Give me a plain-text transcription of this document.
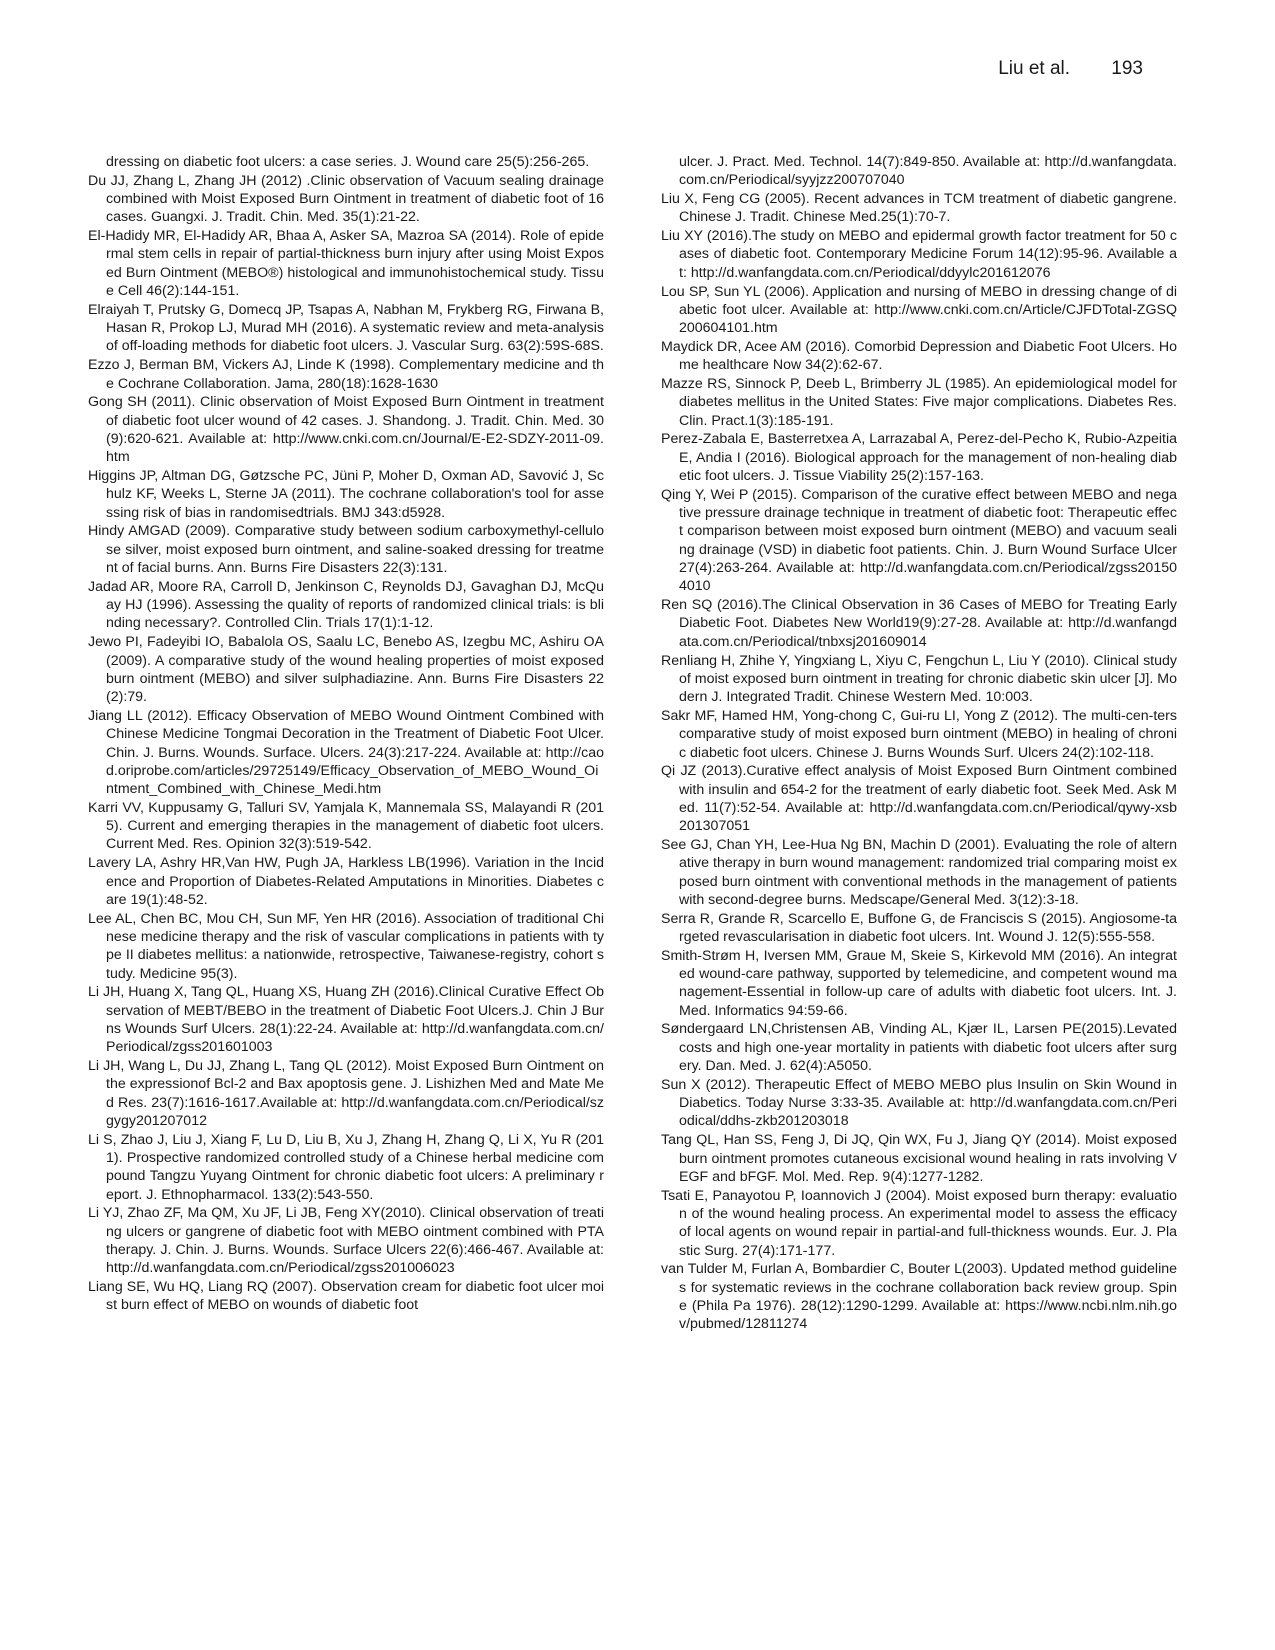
Liu et al. 193

dressing on diabetic foot ulcers: a case series. J. Wound care 25(5):256-265.

Du JJ, Zhang L, Zhang JH (2012) .Clinic observation of Vacuum sealing drainage combined with Moist Exposed Burn Ointment in treatment of diabetic foot of 16 cases. Guangxi. J. Tradit. Chin. Med. 35(1):21-22.

El-Hadidy MR, El-Hadidy AR, Bhaa A, Asker SA, Mazroa SA (2014). Role of epidermal stem cells in repair of partial-thickness burn injury after using Moist Exposed Burn Ointment (MEBO®) histological and immunohistochemical study. Tissue Cell 46(2):144-151.

Elraiyah T, Prutsky G, Domecq JP, Tsapas A, Nabhan M, Frykberg RG, Firwana B, Hasan R, Prokop LJ, Murad MH (2016). A systematic review and meta-analysis of off-loading methods for diabetic foot ulcers. J. Vascular Surg. 63(2):59S-68S.

Ezzo J, Berman BM, Vickers AJ, Linde K (1998). Complementary medicine and the Cochrane Collaboration. Jama, 280(18):1628-1630

Gong SH (2011). Clinic observation of Moist Exposed Burn Ointment in treatment of diabetic foot ulcer wound of 42 cases. J. Shandong. J. Tradit. Chin. Med. 30(9):620-621. Available at: http://www.cnki.com.cn/Journal/E-E2-SDZY-2011-09.htm

Higgins JP, Altman DG, Gøtzsche PC, Jüni P, Moher D, Oxman AD, Savović J, Schulz KF, Weeks L, Sterne JA (2011). The cochrane collaboration's tool for assessing risk of bias in randomisedtrials. BMJ 343:d5928.

Hindy AMGAD (2009). Comparative study between sodium carboxymethyl-cellulose silver, moist exposed burn ointment, and saline-soaked dressing for treatment of facial burns. Ann. Burns Fire Disasters 22(3):131.

Jadad AR, Moore RA, Carroll D, Jenkinson C, Reynolds DJ, Gavaghan DJ, McQuay HJ (1996). Assessing the quality of reports of randomized clinical trials: is blinding necessary?. Controlled Clin. Trials 17(1):1-12.

Jewo PI, Fadeyibi IO, Babalola OS, Saalu LC, Benebo AS, Izegbu MC, Ashiru OA (2009). A comparative study of the wound healing properties of moist exposed burn ointment (MEBO) and silver sulphadiazine. Ann. Burns Fire Disasters 22(2):79.

Jiang LL (2012). Efficacy Observation of MEBO Wound Ointment Combined with Chinese Medicine Tongmai Decoration in the Treatment of Diabetic Foot Ulcer. Chin. J. Burns. Wounds. Surface. Ulcers. 24(3):217-224. Available at: http://caod.oriprobe.com/articles/29725149/Efficacy_Observation_of_MEBO_Wound_Ointment_Combined_with_Chinese_Medi.htm

Karri VV, Kuppusamy G, Talluri SV, Yamjala K, Mannemala SS, Malayandi R (2015). Current and emerging therapies in the management of diabetic foot ulcers. Current Med. Res. Opinion 32(3):519-542.

Lavery LA, Ashry HR,Van HW, Pugh JA, Harkless LB(1996). Variation in the Incidence and Proportion of Diabetes-Related Amputations in Minorities. Diabetes care 19(1):48-52.

Lee AL, Chen BC, Mou CH, Sun MF, Yen HR (2016). Association of traditional Chinese medicine therapy and the risk of vascular complications in patients with type II diabetes mellitus: a nationwide, retrospective, Taiwanese-registry, cohort study. Medicine 95(3).

Li JH, Huang X, Tang QL, Huang XS, Huang ZH (2016).Clinical Curative Effect Observation of MEBT/BEBO in the treatment of Diabetic Foot Ulcers.J. Chin J Burns Wounds Surf Ulcers. 28(1):22-24. Available at: http://d.wanfangdata.com.cn/Periodical/zgss201601003

Li JH, Wang L, Du JJ, Zhang L, Tang QL (2012). Moist Exposed Burn Ointment on the expressionof Bcl-2 and Bax apoptosis gene. J. Lishizhen Med and Mate Med Res. 23(7):1616-1617.Available at: http://d.wanfangdata.com.cn/Periodical/szgygy201207012

Li S, Zhao J, Liu J, Xiang F, Lu D, Liu B, Xu J, Zhang H, Zhang Q, Li X, Yu R (2011). Prospective randomized controlled study of a Chinese herbal medicine compound Tangzu Yuyang Ointment for chronic diabetic foot ulcers: A preliminary report. J. Ethnopharmacol. 133(2):543-550.

Li YJ, Zhao ZF, Ma QM, Xu JF, Li JB, Feng XY(2010). Clinical observation of treating ulcers or gangrene of diabetic foot with MEBO ointment combined with PTA therapy. J. Chin. J. Burns. Wounds. Surface Ulcers 22(6):466-467. Available at: http://d.wanfangdata.com.cn/Periodical/zgss201006023

Liang SE, Wu HQ, Liang RQ (2007). Observation cream for diabetic foot ulcer moist burn effect of MEBO on wounds of diabetic foot

ulcer. J. Pract. Med. Technol. 14(7):849-850. Available at: http://d.wanfangdata.com.cn/Periodical/syyjzz200707040

Liu X, Feng CG (2005). Recent advances in TCM treatment of diabetic gangrene. Chinese J. Tradit. Chinese Med.25(1):70-7.

Liu XY (2016).The study on MEBO and epidermal growth factor treatment for 50 cases of diabetic foot. Contemporary Medicine Forum 14(12):95-96. Available at: http://d.wanfangdata.com.cn/Periodical/ddyylc201612076

Lou SP, Sun YL (2006). Application and nursing of MEBO in dressing change of diabetic foot ulcer. Available at: http://www.cnki.com.cn/Article/CJFDTotal-ZGSQ200604101.htm

Maydick DR, Acee AM (2016). Comorbid Depression and Diabetic Foot Ulcers. Home healthcare Now 34(2):62-67.

Mazze RS, Sinnock P, Deeb L, Brimberry JL (1985). An epidemiological model for diabetes mellitus in the United States: Five major complications. Diabetes Res. Clin. Pract.1(3):185-191.

Perez-Zabala E, Basterretxea A, Larrazabal A, Perez-del-Pecho K, Rubio-Azpeitia E, Andia I (2016). Biological approach for the management of non-healing diabetic foot ulcers. J. Tissue Viability 25(2):157-163.

Qing Y, Wei P (2015). Comparison of the curative effect between MEBO and negative pressure drainage technique in treatment of diabetic foot: Therapeutic effect comparison between moist exposed burn ointment (MEBO) and vacuum sealing drainage (VSD) in diabetic foot patients. Chin. J. Burn Wound Surface Ulcer 27(4):263-264. Available at: http://d.wanfangdata.com.cn/Periodical/zgss201504010

Ren SQ (2016).The Clinical Observation in 36 Cases of MEBO for Treating Early Diabetic Foot. Diabetes New World19(9):27-28. Available at: http://d.wanfangdata.com.cn/Periodical/tnbxsj201609014

Renliang H, Zhihe Y, Yingxiang L, Xiyu C, Fengchun L, Liu Y (2010). Clinical study of moist exposed burn ointment in treating for chronic diabetic skin ulcer [J]. Modern J. Integrated Tradit. Chinese Western Med. 10:003.

Sakr MF, Hamed HM, Yong-chong C, Gui-ru LI, Yong Z (2012). The multi-cen-ters comparative study of moist exposed burn ointment (MEBO) in healing of chronic diabetic foot ulcers. Chinese J. Burns Wounds Surf. Ulcers 24(2):102-118.

Qi JZ (2013).Curative effect analysis of Moist Exposed Burn Ointment combined with insulin and 654-2 for the treatment of early diabetic foot. Seek Med. Ask Med. 11(7):52-54. Available at: http://d.wanfangdata.com.cn/Periodical/qywy-xsb201307051

See GJ, Chan YH, Lee-Hua Ng BN, Machin D (2001). Evaluating the role of alternative therapy in burn wound management: randomized trial comparing moist exposed burn ointment with conventional methods in the management of patients with second-degree burns. Medscape/General Med. 3(12):3-18.

Serra R, Grande R, Scarcello E, Buffone G, de Franciscis S (2015). Angiosome-targeted revascularisation in diabetic foot ulcers. Int. Wound J. 12(5):555-558.

Smith-Strøm H, Iversen MM, Graue M, Skeie S, Kirkevold MM (2016). An integrated wound-care pathway, supported by telemedicine, and competent wound management-Essential in follow-up care of adults with diabetic foot ulcers. Int. J. Med. Informatics 94:59-66.

Søndergaard LN,Christensen AB, Vinding AL, Kjær IL, Larsen PE(2015).Levated costs and high one-year mortality in patients with diabetic foot ulcers after surgery. Dan. Med. J. 62(4):A5050.

Sun X (2012). Therapeutic Effect of MEBO MEBO plus Insulin on Skin Wound in Diabetics. Today Nurse 3:33-35. Available at: http://d.wanfangdata.com.cn/Periodical/ddhs-zkb201203018

Tang QL, Han SS, Feng J, Di JQ, Qin WX, Fu J, Jiang QY (2014). Moist exposed burn ointment promotes cutaneous excisional wound healing in rats involving VEGF and bFGF. Mol. Med. Rep. 9(4):1277-1282.

Tsati E, Panayotou P, Ioannovich J (2004). Moist exposed burn therapy: evaluation of the wound healing process. An experimental model to assess the efficacy of local agents on wound repair in partial-and full-thickness wounds. Eur. J. Plastic Surg. 27(4):171-177.

van Tulder M, Furlan A, Bombardier C, Bouter L(2003). Updated method guidelines for systematic reviews in the cochrane collaboration back review group. Spine (Phila Pa 1976). 28(12):1290-1299. Available at: https://www.ncbi.nlm.nih.gov/pubmed/12811274
